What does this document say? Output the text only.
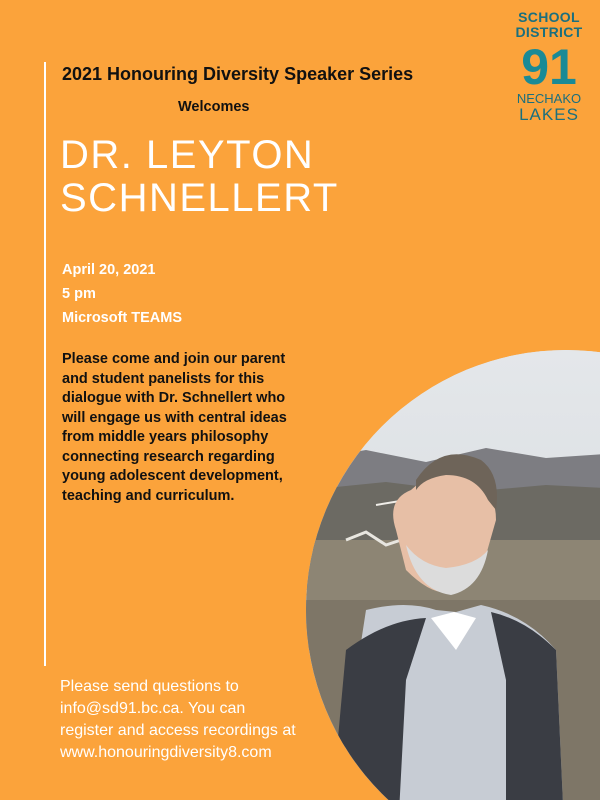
2021 Honouring Diversity Speaker Series
Welcomes
DR. LEYTON
SCHNELLERT
April 20, 2021
5 pm
Microsoft TEAMS
Please come and join our parent and student panelists for this dialogue with Dr. Schnellert who will engage us with central ideas from middle years philosophy connecting research regarding young adolescent development, teaching and curriculum.
Please send questions to
info@sd91.bc.ca. You can
register and access recordings at
www.honouringdiversity8.com
SCHOOL
DISTRICT
91
NECHAKO
LAKES
